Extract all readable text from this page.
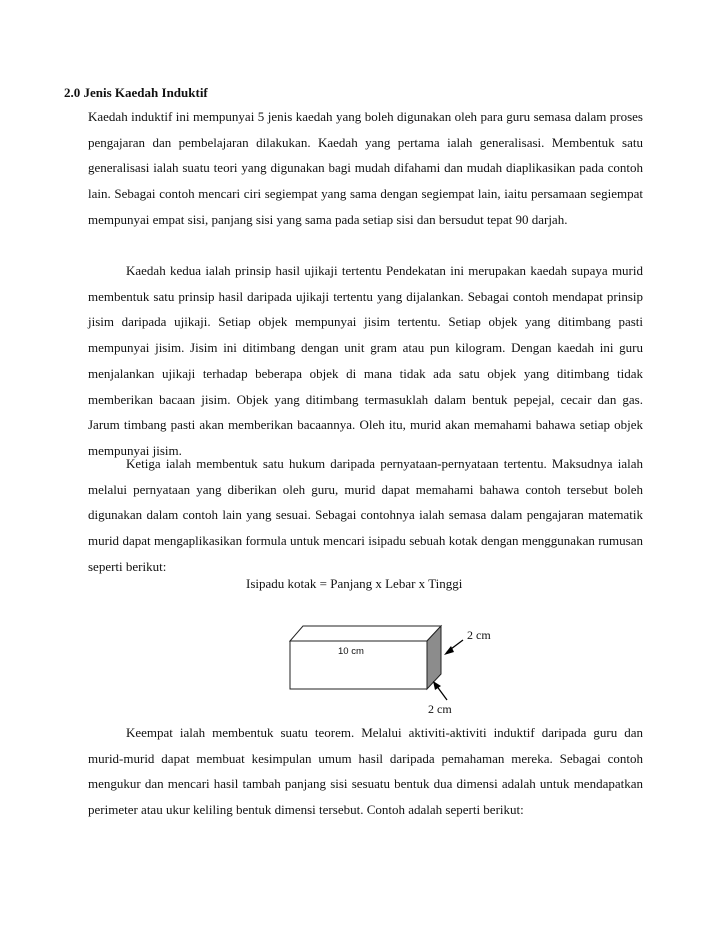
2.0 Jenis Kaedah Induktif

Kaedah induktif ini mempunyai 5 jenis kaedah yang boleh digunakan oleh para guru semasa dalam proses pengajaran dan pembelajaran dilakukan. Kaedah yang pertama ialah generalisasi. Membentuk satu generalisasi ialah suatu teori yang digunakan bagi mudah difahami dan mudah diaplikasikan pada contoh lain. Sebagai contoh mencari ciri segiempat yang sama dengan segiempat lain, iaitu persamaan segiempat mempunyai empat sisi, panjang sisi yang sama pada setiap sisi dan bersudut tepat 90 darjah.

Kaedah kedua ialah prinsip hasil ujikaji tertentu Pendekatan ini merupakan kaedah supaya murid membentuk satu prinsip hasil daripada ujikaji tertentu yang dijalankan. Sebagai contoh mendapat prinsip jisim daripada ujikaji. Setiap objek mempunyai jisim tertentu. Setiap objek yang ditimbang pasti mempunyai jisim. Jisim ini ditimbang dengan unit gram atau pun kilogram. Dengan kaedah ini guru menjalankan ujikaji terhadap beberapa objek di mana tidak ada satu objek yang ditimbang tidak memberikan bacaan jisim. Objek yang ditimbang termasuklah dalam bentuk pepejal, cecair dan gas. Jarum timbang pasti akan memberikan bacaannya. Oleh itu, murid akan memahami bahawa setiap objek mempunyai jisim.

Ketiga ialah membentuk satu hukum daripada pernyataan-pernyataan tertentu. Maksudnya ialah melalui pernyataan yang diberikan oleh guru, murid dapat memahami bahawa contoh tersebut boleh digunakan dalam contoh lain yang sesuai. Sebagai contohnya ialah semasa dalam pengajaran matematik murid dapat mengaplikasikan formula untuk mencari isipadu sebuah kotak dengan menggunakan rumusan seperti berikut:

Isipadu kotak = Panjang x Lebar x Tinggi
10 cm
2 cm
2 cm

Keempat ialah membentuk suatu teorem. Melalui aktiviti-aktiviti induktif daripada guru dan murid-murid dapat membuat kesimpulan umum hasil daripada pemahaman mereka. Sebagai contoh mengukur dan mencari hasil tambah panjang sisi sesuatu bentuk dua dimensi adalah untuk mendapatkan perimeter atau ukur keliling bentuk dimensi tersebut. Contoh adalah seperti berikut:
